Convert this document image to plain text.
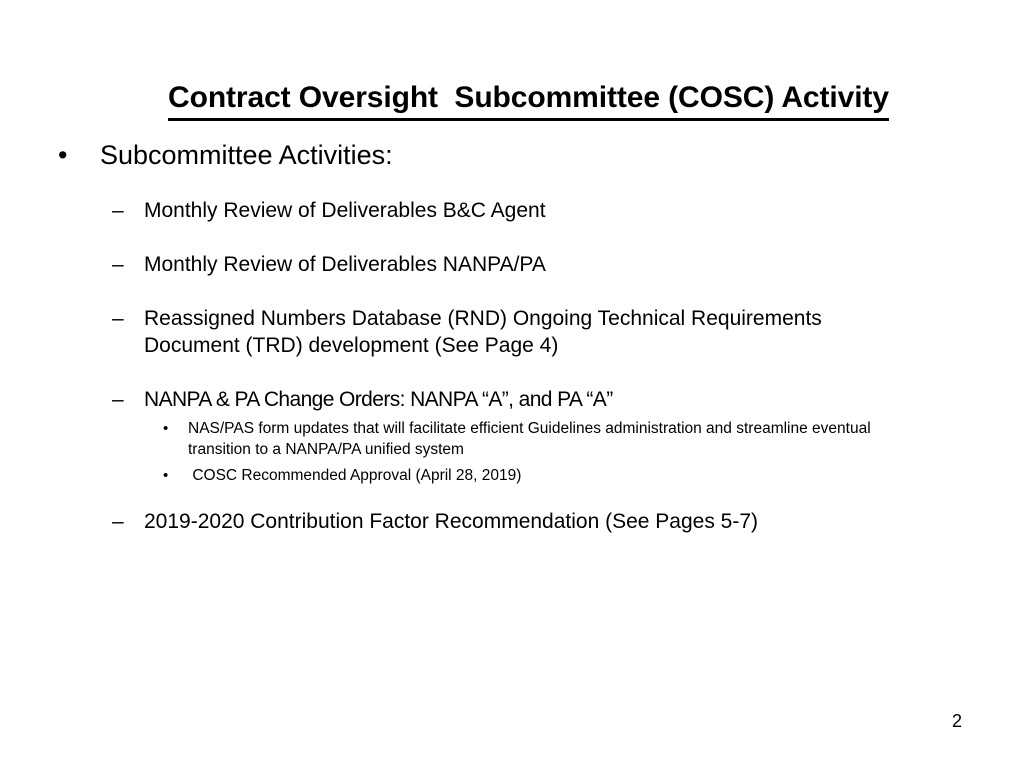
Contract Oversight  Subcommittee (COSC) Activity

• Subcommittee Activities:
– Monthly Review of Deliverables B&C Agent
– Monthly Review of Deliverables NANPA/PA
– Reassigned Numbers Database (RND) Ongoing Technical Requirements Document (TRD) development (See Page 4)
– NANPA & PA Change Orders: NANPA “A”, and PA “A”
• NAS/PAS form updates that will facilitate efficient Guidelines administration and streamline eventual transition to a NANPA/PA unified system
• COSC Recommended Approval (April 28, 2019)
– 2019-2020 Contribution Factor Recommendation (See Pages 5-7)
2
